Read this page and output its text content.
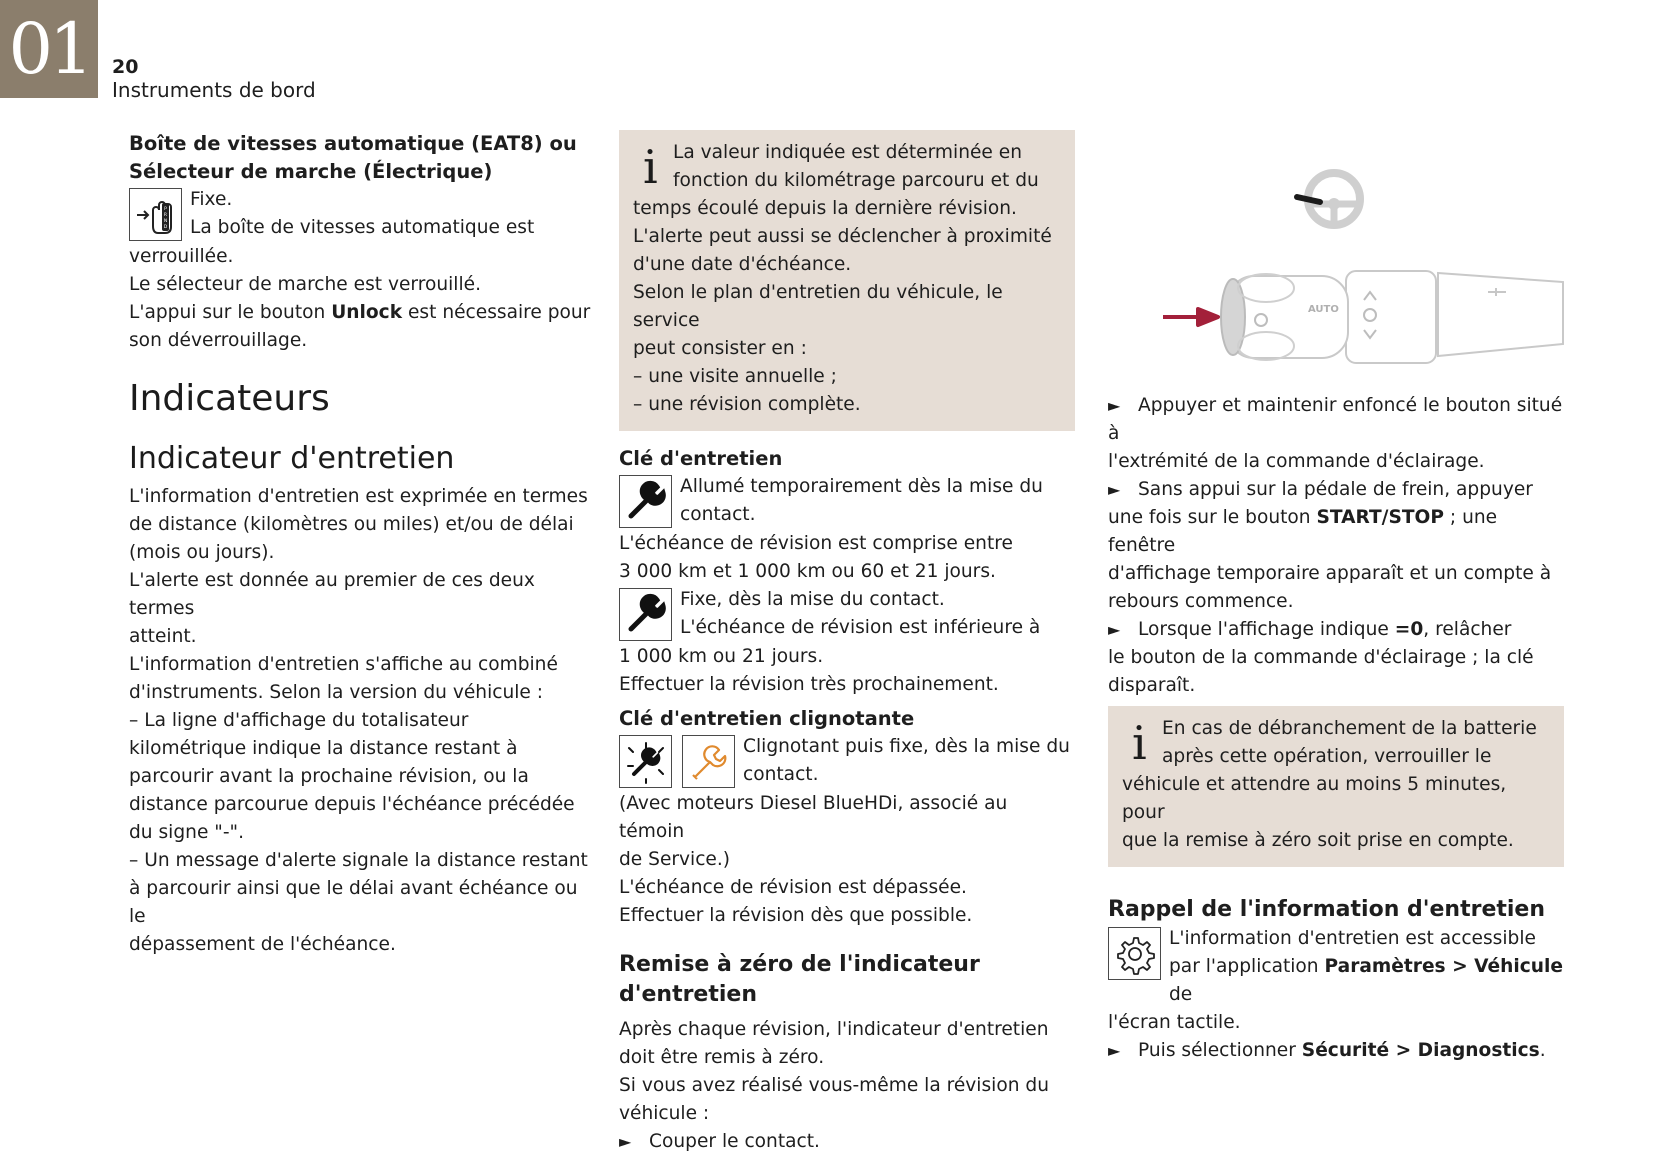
01	20
Instruments de bord

Boîte de vitesses automatique (EAT8) ou

Sélecteur de marche (Électrique)

P
R
N
D

Fixe.

La boîte de vitesses automatique est

verrouillée.

Le sélecteur de marche est verrouillé.

L'appui sur le bouton Unlock est nécessaire pour

son déverrouillage.

Indicateurs

Indicateur d'entretien

L'information d'entretien est exprimée en termes

de distance (kilomètres ou miles) et/ou de délai

(mois ou jours).

L'alerte est donnée au premier de ces deux termes

atteint.

L'information d'entretien s'affiche au combiné

d'instruments. Selon la version du véhicule :

– La ligne d'affichage du totalisateur

kilométrique indique la distance restant à

parcourir avant la prochaine révision, ou la

distance parcourue depuis l'échéance précédée

du signe "-".

– Un message d'alerte signale la distance restant

à parcourir ainsi que le délai avant échéance ou le

dépassement de l'échéance.

i La valeur indiquée est déterminée en

fonction du kilométrage parcouru et du

temps écoulé depuis la dernière révision.

L'alerte peut aussi se déclencher à proximité

d'une date d'échéance.

Selon le plan d'entretien du véhicule, le service

peut consister en :

– une visite annuelle ;

– une révision complète.

Clé d'entretien

Allumé temporairement dès la mise du

contact.

L'échéance de révision est comprise entre

3 000 km et 1 000 km ou 60 et 21 jours.

Fixe, dès la mise du contact.

L'échéance de révision est inférieure à

1 000 km ou 21 jours.

Effectuer la révision très prochainement.

Clé d'entretien clignotante

Clignotant puis fixe, dès la mise du

contact.

(Avec moteurs Diesel BlueHDi, associé au témoin

de Service.)

L'échéance de révision est dépassée.

Effectuer la révision dès que possible.

Remise à zéro de l'indicateur d'entretien

Après chaque révision, l'indicateur d'entretien

doit être remis à zéro.

Si vous avez réalisé vous-même la révision du

véhicule :

► Couper le contact.

AUTO

► Appuyer et maintenir enfoncé le bouton situé à

l'extrémité de la commande d'éclairage.

► Sans appui sur la pédale de frein, appuyer

une fois sur le bouton START/STOP ; une fenêtre

d'affichage temporaire apparaît et un compte à

rebours commence.

► Lorsque l'affichage indique =0, relâcher

le bouton de la commande d'éclairage ; la clé

disparaît.

i En cas de débranchement de la batterie

après cette opération, verrouiller le

véhicule et attendre au moins 5 minutes, pour

que la remise à zéro soit prise en compte.

Rappel de l'information d'entretien

L'information d'entretien est accessible

par l'application Paramètres > Véhicule de

l'écran tactile.

► Puis sélectionner Sécurité > Diagnostics.
